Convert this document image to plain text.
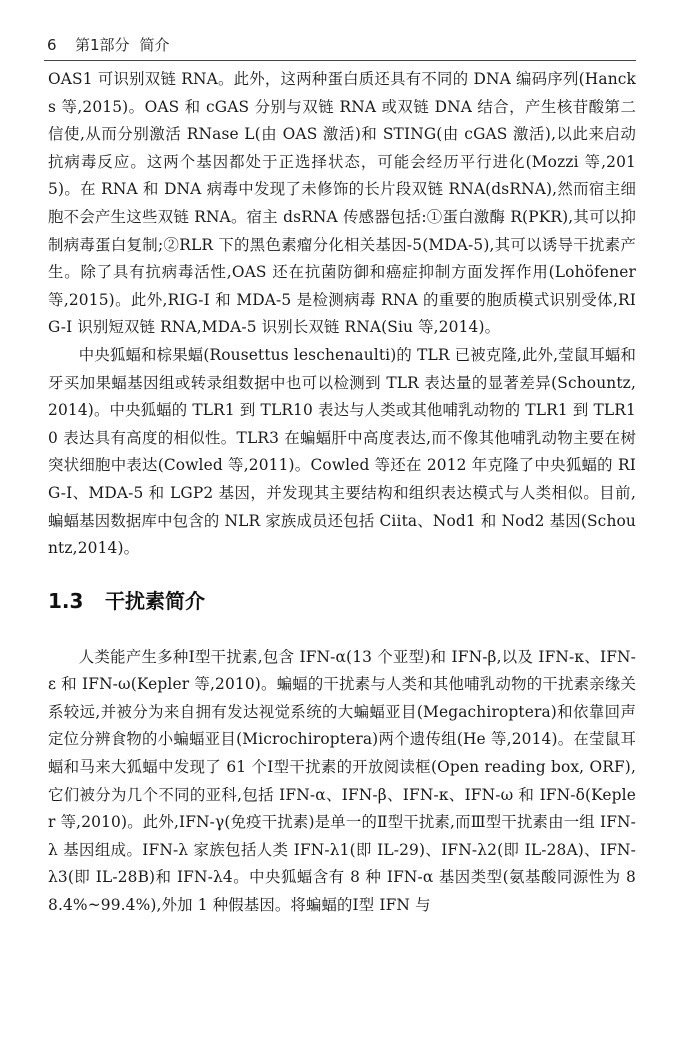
6 第1部分 简介

OAS1 可识别双链 RNA。此外，这两种蛋白质还具有不同的 DNA 编码序列(Hancks 等,2015)。OAS 和 cGAS 分别与双链 RNA 或双链 DNA 结合，产生核苷酸第二信使,从而分别激活 RNase L(由 OAS 激活)和 STING(由 cGAS 激活),以此来启动抗病毒反应。这两个基因都处于正选择状态，可能会经历平行进化(Mozzi 等,2015)。在 RNA 和 DNA 病毒中发现了未修饰的长片段双链 RNA(dsRNA),然而宿主细胞不会产生这些双链 RNA。宿主 dsRNA 传感器包括:①蛋白激酶 R(PKR),其可以抑制病毒蛋白复制;②RLR 下的黑色素瘤分化相关基因-5(MDA-5),其可以诱导干扰素产生。除了具有抗病毒活性,OAS 还在抗菌防御和癌症抑制方面发挥作用(Lohöfener 等,2015)。此外,RIG-I 和 MDA-5 是检测病毒 RNA 的重要的胞质模式识别受体,RIG-I 识别短双链 RNA,MDA-5 识别长双链 RNA(Siu 等,2014)。

中央狐蝠和棕果蝠(Rousettus leschenaulti)的 TLR 已被克隆,此外,莹鼠耳蝠和牙买加果蝠基因组或转录组数据中也可以检测到 TLR 表达量的显著差异(Schountz,2014)。中央狐蝠的 TLR1 到 TLR10 表达与人类或其他哺乳动物的 TLR1 到 TLR10 表达具有高度的相似性。TLR3 在蝙蝠肝中高度表达,而不像其他哺乳动物主要在树突状细胞中表达(Cowled 等,2011)。Cowled 等还在 2012 年克隆了中央狐蝠的 RIG-I、MDA-5 和 LGP2 基因，并发现其主要结构和组织表达模式与人类相似。目前,蝙蝠基因数据库中包含的 NLR 家族成员还包括 Ciita、Nod1 和 Nod2 基因(Schountz,2014)。

1.3 干扰素简介

人类能产生多种Ⅰ型干扰素,包含 IFN-α(13 个亚型)和 IFN-β,以及 IFN-κ、IFN-ε 和 IFN-ω(Kepler 等,2010)。蝙蝠的干扰素与人类和其他哺乳动物的干扰素亲缘关系较远,并被分为来自拥有发达视觉系统的大蝙蝠亚目(Megachiroptera)和依靠回声定位分辨食物的小蝙蝠亚目(Microchiroptera)两个遗传组(He 等,2014)。在莹鼠耳蝠和马来大狐蝠中发现了 61 个Ⅰ型干扰素的开放阅读框(Open reading box, ORF),它们被分为几个不同的亚科,包括 IFN-α、IFN-β、IFN-κ、IFN-ω 和 IFN-δ(Kepler 等,2010)。此外,IFN-γ(免疫干扰素)是单一的Ⅱ型干扰素,而Ⅲ型干扰素由一组 IFN-λ 基因组成。IFN-λ 家族包括人类 IFN-λ1(即 IL-29)、IFN-λ2(即 IL-28A)、IFN-λ3(即 IL-28B)和 IFN-λ4。中央狐蝠含有 8 种 IFN-α 基因类型(氨基酸同源性为 88.4%~99.4%),外加 1 种假基因。将蝙蝠的Ⅰ型 IFN 与
